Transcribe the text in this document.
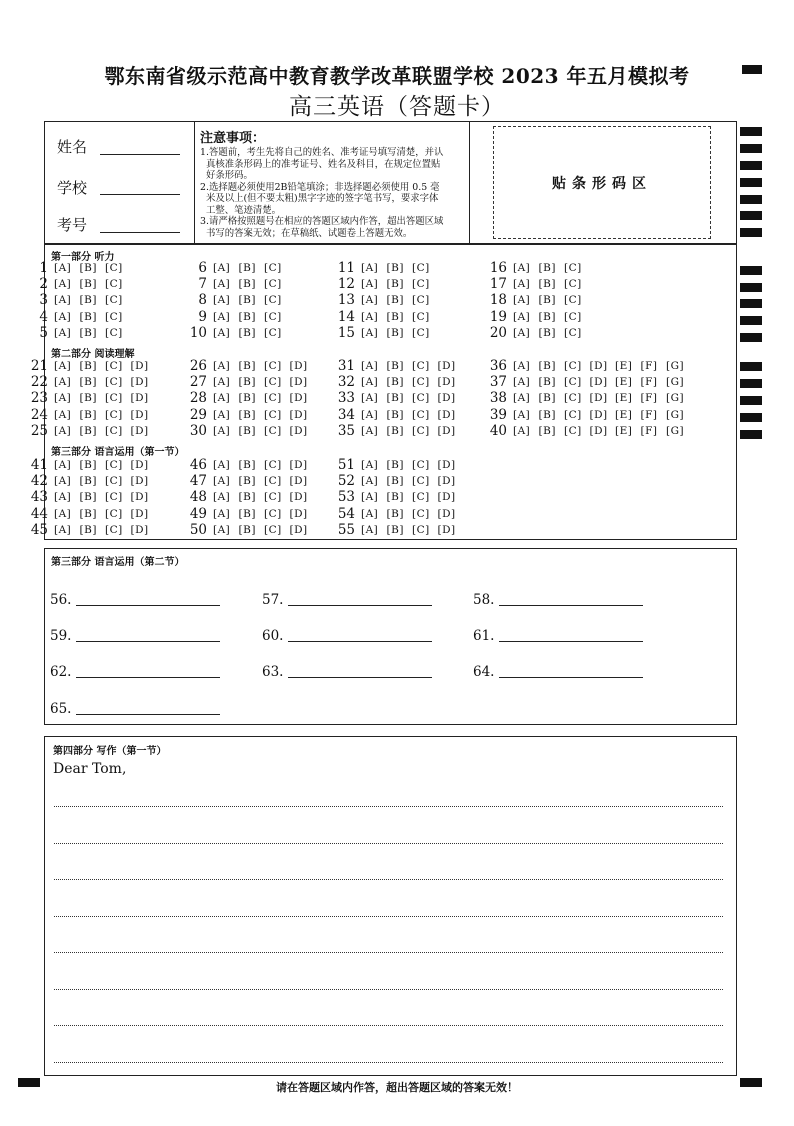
鄂东南省级示范高中教育教学改革联盟学校 2023 年五月模拟考
高三英语（答题卡）
姓名
学校
考号
注意事项：
1.答题前，考生先将自己的姓名、准考证号填写清楚，并认
真核准条形码上的准考证号、姓名及科目，在规定位置贴
好条形码。
2.选择题必须使用2B铅笔填涂；非选择题必须使用 0.5 毫
米及以上(但不要太粗)黑字字迹的签字笔书写，要求字体
工整、笔迹清楚。
3.请严格按照题号在相应的答题区域内作答，超出答题区域
书写的答案无效；在草稿纸、试题卷上答题无效。
贴条形码区
第一部分 听力
第二部分 阅读理解
第三部分 语言运用（第一节）
1 [A] [B] [C]
2 [A] [B] [C]
3 [A] [B] [C]
4 [A] [B] [C]
5 [A] [B] [C]
6 [A] [B] [C]
7 [A] [B] [C]
8 [A] [B] [C]
9 [A] [B] [C]
10 [A] [B] [C]
11 [A] [B] [C]
12 [A] [B] [C]
13 [A] [B] [C]
14 [A] [B] [C]
15 [A] [B] [C]
16 [A] [B] [C]
17 [A] [B] [C]
18 [A] [B] [C]
19 [A] [B] [C]
20 [A] [B] [C]
21 [A] [B] [C] [D]
22 [A] [B] [C] [D]
23 [A] [B] [C] [D]
24 [A] [B] [C] [D]
25 [A] [B] [C] [D]
26 [A] [B] [C] [D]
27 [A] [B] [C] [D]
28 [A] [B] [C] [D]
29 [A] [B] [C] [D]
30 [A] [B] [C] [D]
31 [A] [B] [C] [D]
32 [A] [B] [C] [D]
33 [A] [B] [C] [D]
34 [A] [B] [C] [D]
35 [A] [B] [C] [D]
36 [A] [B] [C] [D] [E] [F] [G]
37 [A] [B] [C] [D] [E] [F] [G]
38 [A] [B] [C] [D] [E] [F] [G]
39 [A] [B] [C] [D] [E] [F] [G]
40 [A] [B] [C] [D] [E] [F] [G]
41 [A] [B] [C] [D]
42 [A] [B] [C] [D]
43 [A] [B] [C] [D]
44 [A] [B] [C] [D]
45 [A] [B] [C] [D]
46 [A] [B] [C] [D]
47 [A] [B] [C] [D]
48 [A] [B] [C] [D]
49 [A] [B] [C] [D]
50 [A] [B] [C] [D]
51 [A] [B] [C] [D]
52 [A] [B] [C] [D]
53 [A] [B] [C] [D]
54 [A] [B] [C] [D]
55 [A] [B] [C] [D]
第三部分 语言运用（第二节）
56.	57.	58.
59.	60.	61.
62.	63.	64.
65.
第四部分 写作（第一节）
Dear Tom,
请在答题区域内作答，超出答题区域的答案无效！
